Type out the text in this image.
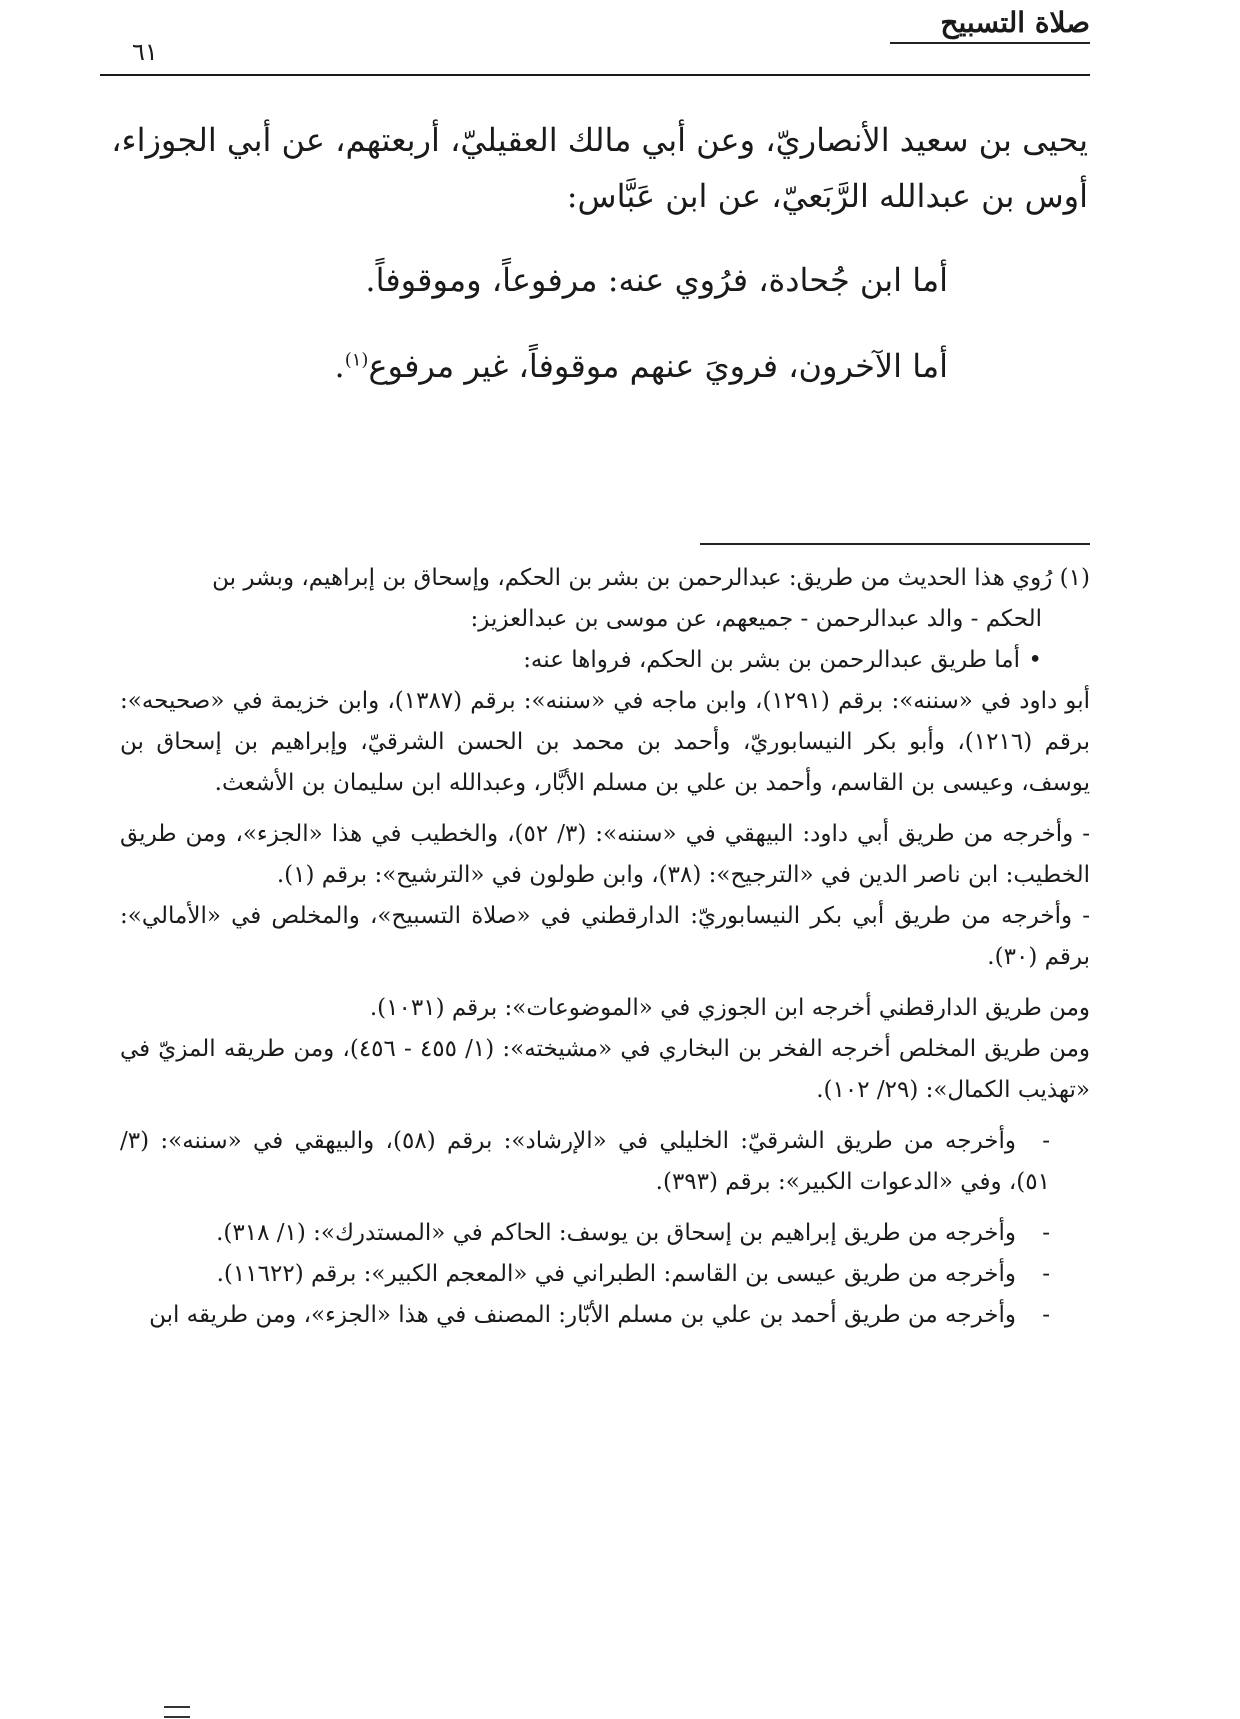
صلاة التسبيح
٦١

يحيى بن سعيد الأنصاريّ، وعن أبي مالك العقيليّ، أربعتهم، عن أبي الجوزاء،

أوس بن عبدالله الرَّبَعيّ، عن ابن عَبَّاس:

أما ابن جُحادة، فرُوي عنه: مرفوعاً، وموقوفاً.

أما الآخرون، فرويَ عنهم موقوفاً، غير مرفوع$^{(١)}$.

(١) رُوي هذا الحديث من طريق: عبدالرحمن بن بشر بن الحكم، وإسحاق بن إبراهيم، وبشر بن

الحكم - والد عبدالرحمن - جميعهم، عن موسى بن عبدالعزيز:

•أما طريق عبدالرحمن بن بشر بن الحكم، فرواها عنه:

أبو داود في «سننه»: برقم (١٢٩١)، وابن ماجه في «سننه»: برقم (١٣٨٧)، وابن خزيمة في «صحيحه»: برقم (١٢١٦)، وأبو بكر النيسابوريّ، وأحمد بن محمد بن الحسن الشرقيّ، وإبراهيم بن إسحاق بن يوسف، وعيسى بن القاسم، وأحمد بن علي بن مسلم الأبَّار، وعبدالله ابن سليمان بن الأشعث.

- وأخرجه من طريق أبي داود: البيهقي في «سننه»: (٣/ ٥٢)، والخطيب في هذا «الجزء»، ومن طريق الخطيب: ابن ناصر الدين في «الترجيح»: (٣٨)، وابن طولون في «الترشيح»: برقم (١).

- وأخرجه من طريق أبي بكر النيسابوريّ: الدارقطني في «صلاة التسبيح»، والمخلص في «الأمالي»: برقم (٣٠).

ومن طريق الدارقطني أخرجه ابن الجوزي في «الموضوعات»: برقم (١٠٣١).

ومن طريق المخلص أخرجه الفخر بن البخاري في «مشيخته»: (١/ ٤٥٥ - ٤٥٦)، ومن طريقه المزيّ في «تهذيب الكمال»: (٢٩/ ١٠٢).

-وأخرجه من طريق الشرقيّ: الخليلي في «الإرشاد»: برقم (٥٨)، والبيهقي في «سننه»: (٣/ ٥١)، وفي «الدعوات الكبير»: برقم (٣٩٣).

-وأخرجه من طريق إبراهيم بن إسحاق بن يوسف: الحاكم في «المستدرك»: (١/ ٣١٨).

-وأخرجه من طريق عيسى بن القاسم: الطبراني في «المعجم الكبير»: برقم (١١٦٢٢).

-وأخرجه من طريق أحمد بن علي بن مسلم الأبّار: المصنف في هذا «الجزء»، ومن طريقه ابن
